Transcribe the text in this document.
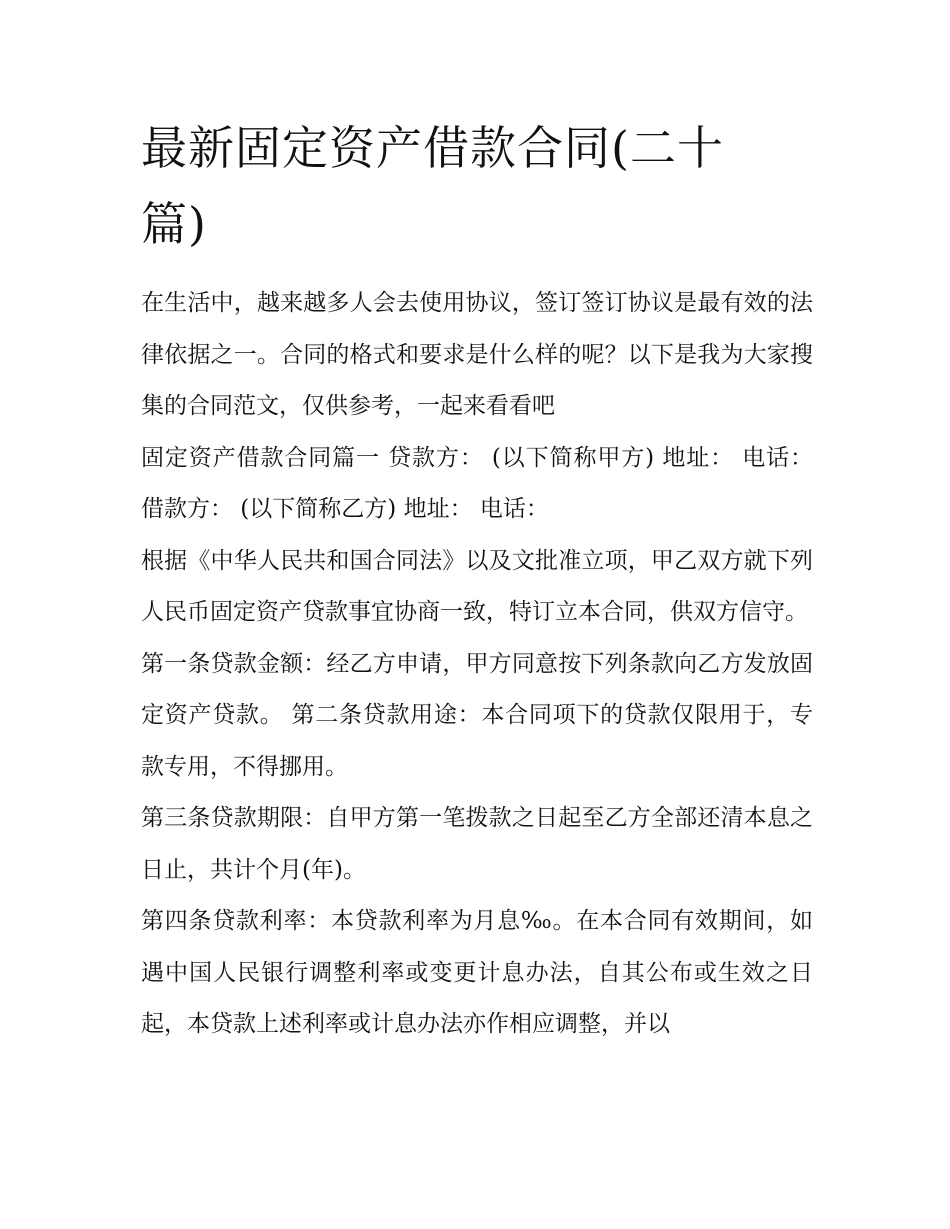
最新固定资产借款合同(二十篇)

在生活中，越来越多人会去使用协议，签订签订协议是最有效的法律依据之一。合同的格式和要求是什么样的呢？以下是我为大家搜集的合同范文，仅供参考，一起来看看吧

固定资产借款合同篇一 贷款方： (以下简称甲方) 地址： 电话： 借款方： (以下简称乙方) 地址： 电话：

根据《中华人民共和国合同法》以及文批准立项，甲乙双方就下列人民币固定资产贷款事宜协商一致，特订立本合同，供双方信守。

第一条贷款金额：经乙方申请，甲方同意按下列条款向乙方发放固定资产贷款。 第二条贷款用途：本合同项下的贷款仅限用于，专款专用，不得挪用。

第三条贷款期限：自甲方第一笔拨款之日起至乙方全部还清本息之日止，共计个月(年)。

第四条贷款利率：本贷款利率为月息‰。在本合同有效期间，如遇中国人民银行调整利率或变更计息办法，自其公布或生效之日起，本贷款上述利率或计息办法亦作相应调整，并以
